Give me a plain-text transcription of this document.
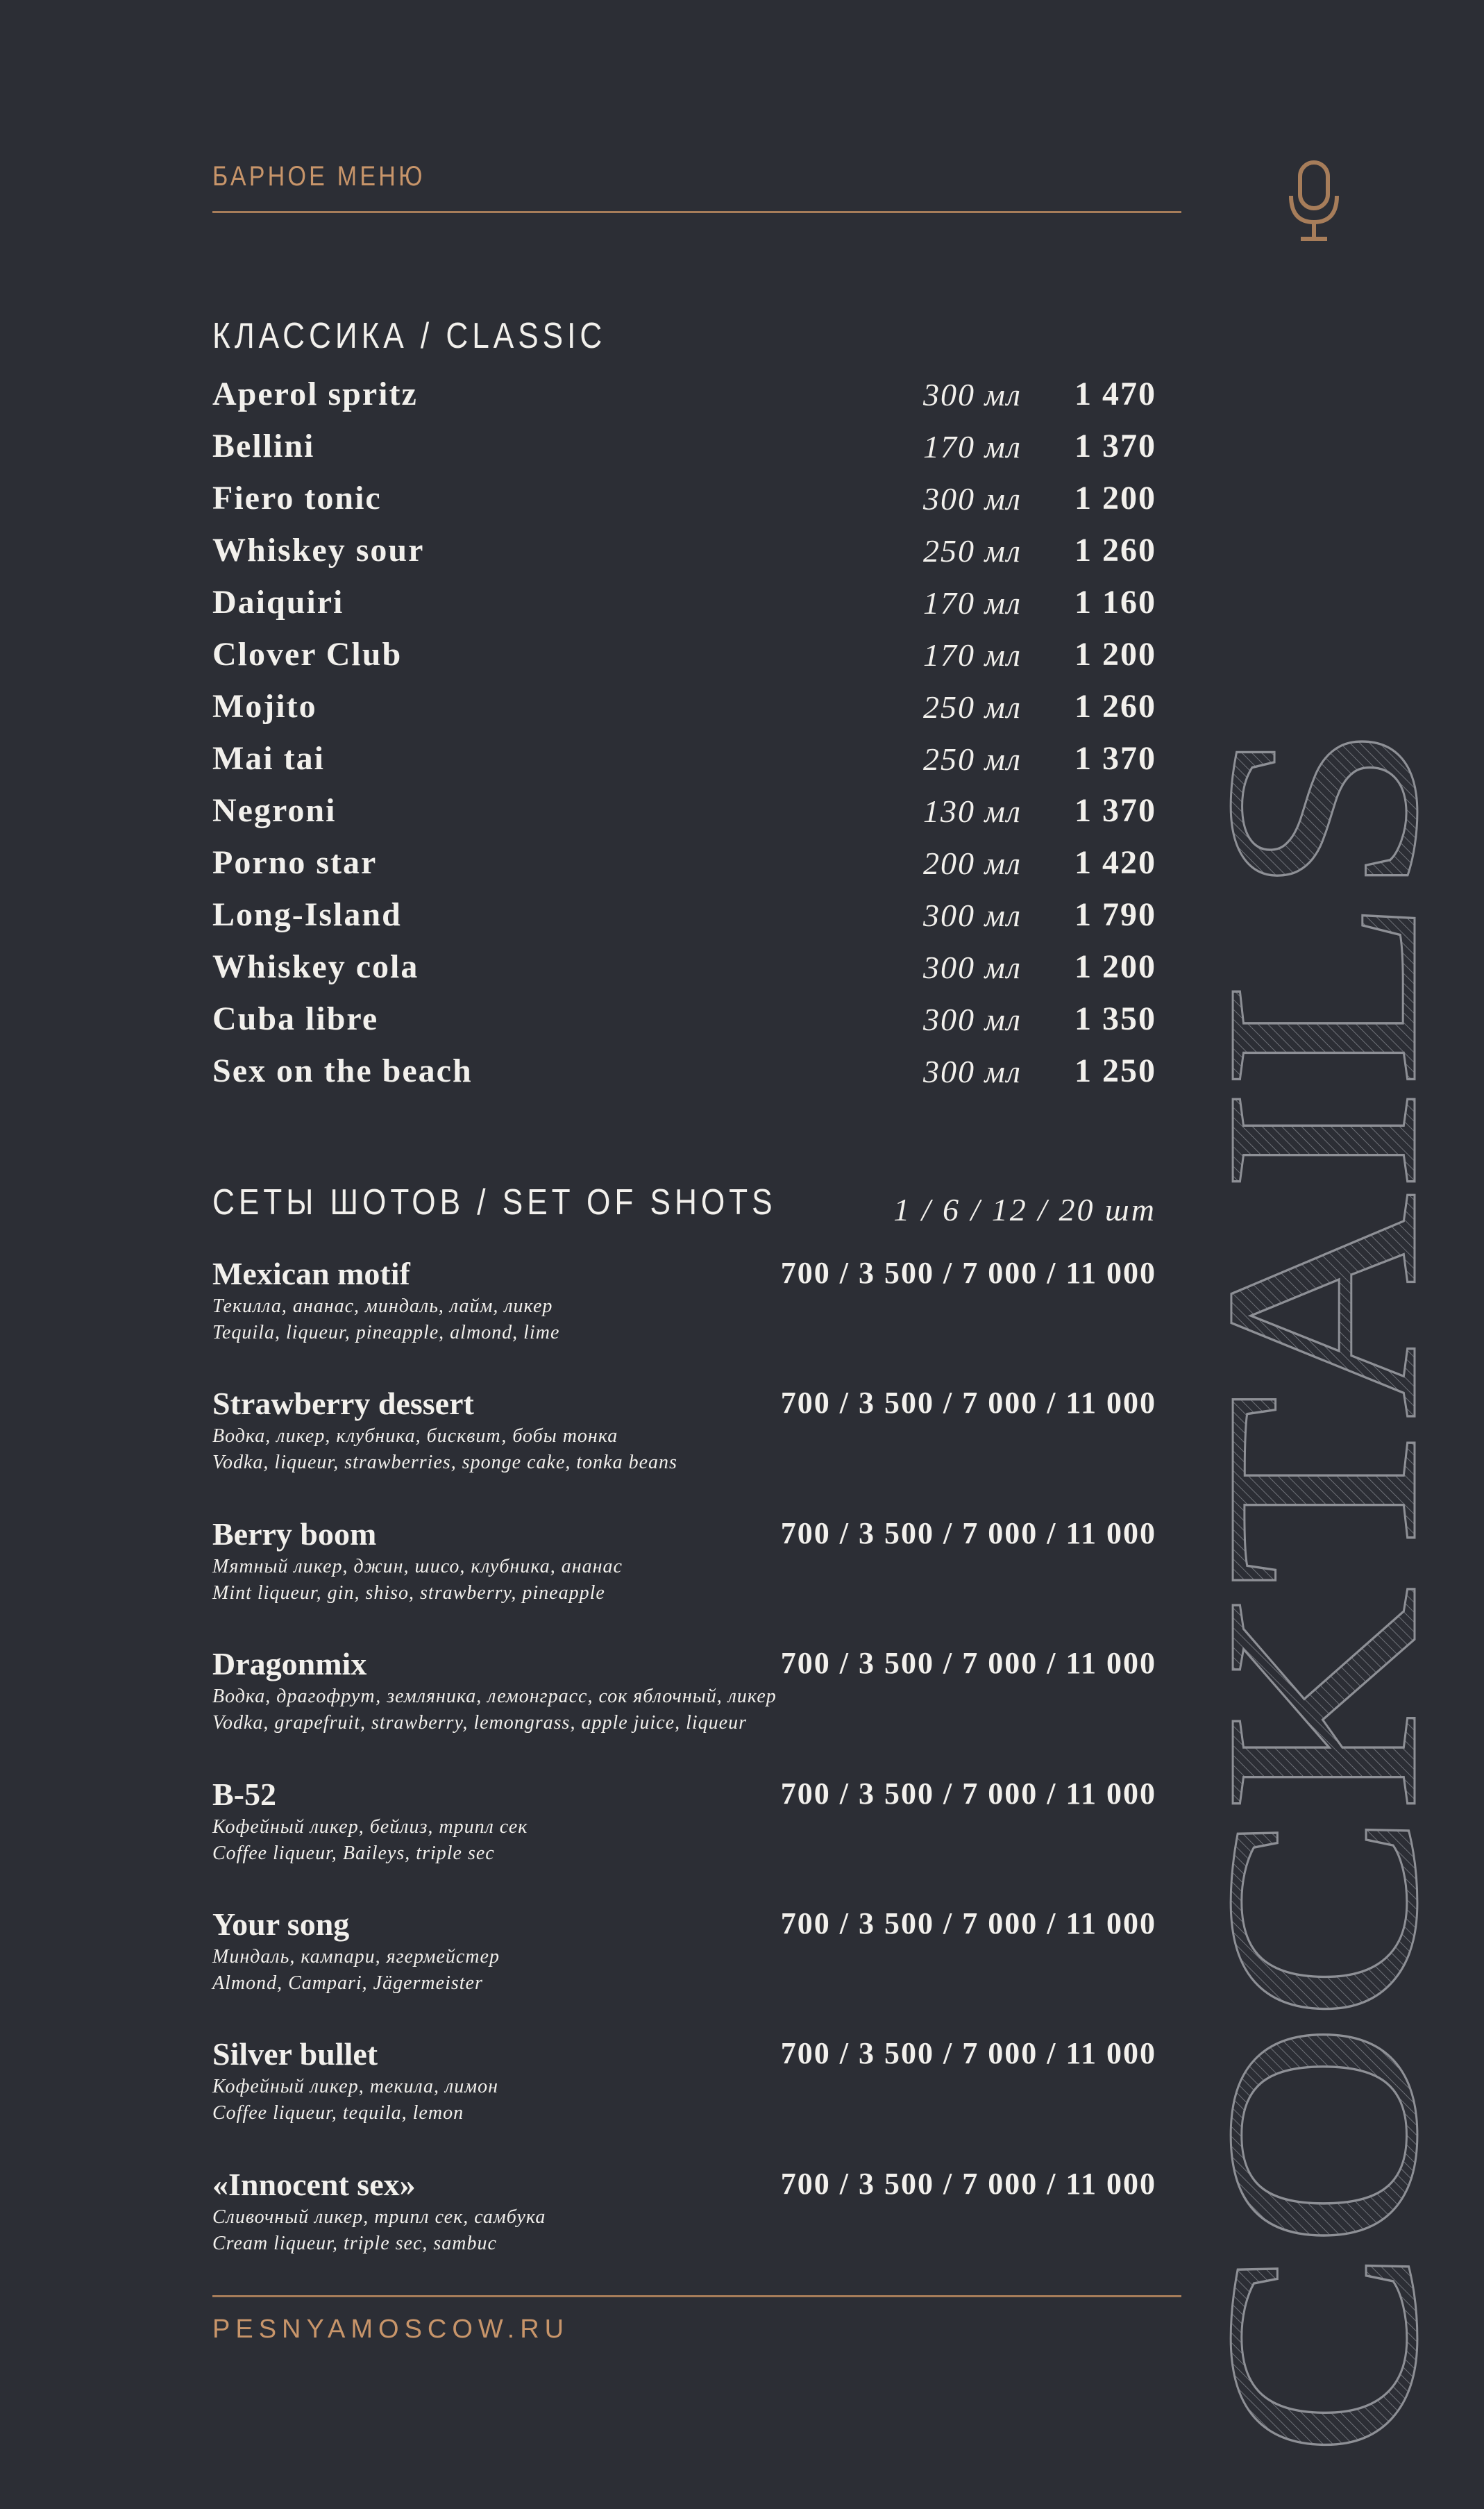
БАРНОЕ МЕНЮ
КЛАССИКА / CLASSIC
Aperol spritz	300 мл	1 470
Bellini	170 мл	1 370
Fiero tonic	300 мл	1 200
Whiskey sour	250 мл	1 260
Daiquiri	170 мл	1 160
Clover Club	170 мл	1 200
Mojito	250 мл	1 260
Mai tai	250 мл	1 370
Negroni	130 мл	1 370
Porno star	200 мл	1 420
Long-Island	300 мл	1 790
Whiskey cola	300 мл	1 200
Cuba libre	300 мл	1 350
Sex on the beach	300 мл	1 250
СЕТЫ ШОТОВ / SET OF SHOTS	1 / 6 / 12 / 20 шт
Mexican motif	700 / 3 500 / 7 000 / 11 000
Текилла, ананас, миндаль, лайм, ликер
Tequila, liqueur, pineapple, almond, lime
Strawberry dessert	700 / 3 500 / 7 000 / 11 000
Водка, ликер, клубника, бисквит, бобы тонка
Vodka, liqueur, strawberries, sponge cake, tonka beans
Berry boom	700 / 3 500 / 7 000 / 11 000
Мятный ликер, джин, шисо, клубника, ананас
Mint liqueur, gin, shiso, strawberry, pineapple
Dragonmix	700 / 3 500 / 7 000 / 11 000
Водка, драгофрут, земляника, лемонграсс, сок яблочный, ликер
Vodka, grapefruit, strawberry, lemongrass, apple juice, liqueur
B-52	700 / 3 500 / 7 000 / 11 000
Кофейный ликер, бейлиз, трипл сек
Coffee liqueur, Baileys, triple sec
Your song	700 / 3 500 / 7 000 / 11 000
Миндаль, кампари, ягермейстер
Almond, Campari, Jägermeister
Silver bullet	700 / 3 500 / 7 000 / 11 000
Кофейный ликер, текила, лимон
Coffee liqueur, tequila, lemon
«Innocent sex»	700 / 3 500 / 7 000 / 11 000
Сливочный ликер, трипл сек, самбука
Cream liqueur, triple sec, sambuc
PESNYAMOSCOW.RU COCKTAILS
